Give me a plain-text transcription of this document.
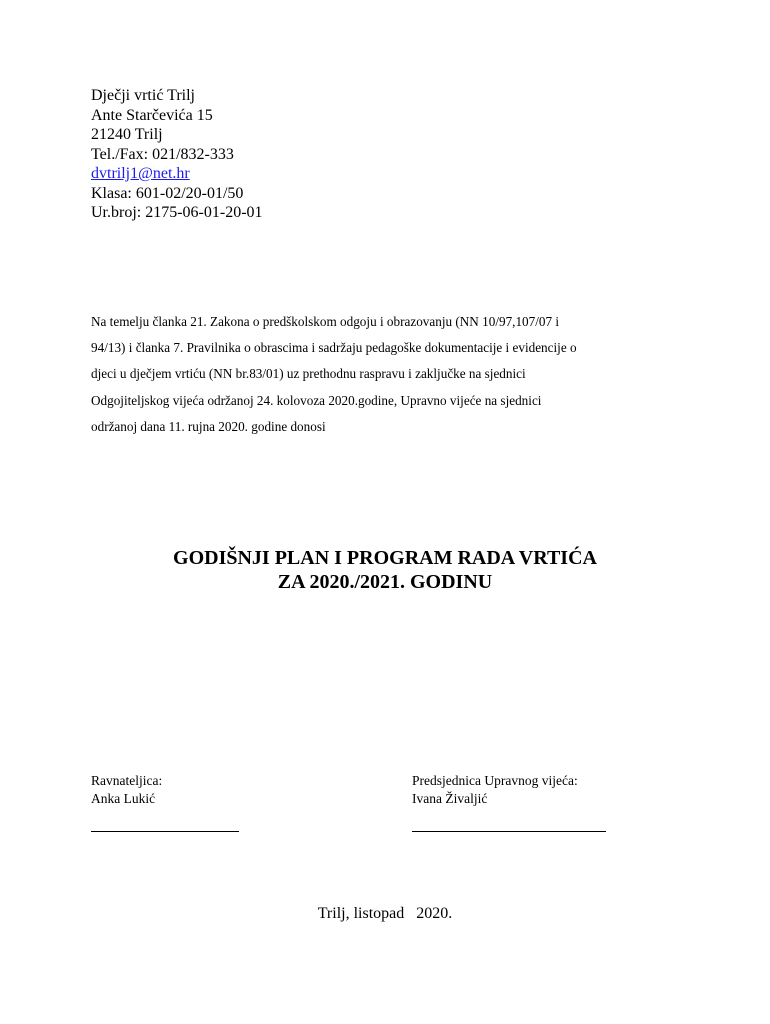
Dječji vrtić Trilj
Ante Starčevića 15
21240 Trilj
Tel./Fax: 021/832-333
dvtrilj1@net.hr
Klasa: 601-02/20-01/50
Ur.broj: 2175-06-01-20-01
Na temelju članka 21. Zakona o predškolskom odgoju i obrazovanju (NN 10/97,107/07 i
94/13) i članka 7. Pravilnika o obrascima i sadržaju pedagoške dokumentacije i evidencije o
djeci u dječjem vrtiću (NN br.83/01) uz prethodnu raspravu i zaključke na sjednici
Odgojiteljskog vijeća održanoj 24. kolovoza 2020.godine, Upravno vijeće na sjednici
održanoj dana 11. rujna 2020. godine donosi
GODIŠNJI PLAN I PROGRAM RADA VRTIĆA
ZA 2020./2021. GODINU
Ravnateljica:
Anka Lukić
Predsjednica Upravnog vijeća:
Ivana Živaljić
Trilj, listopad   2020.
